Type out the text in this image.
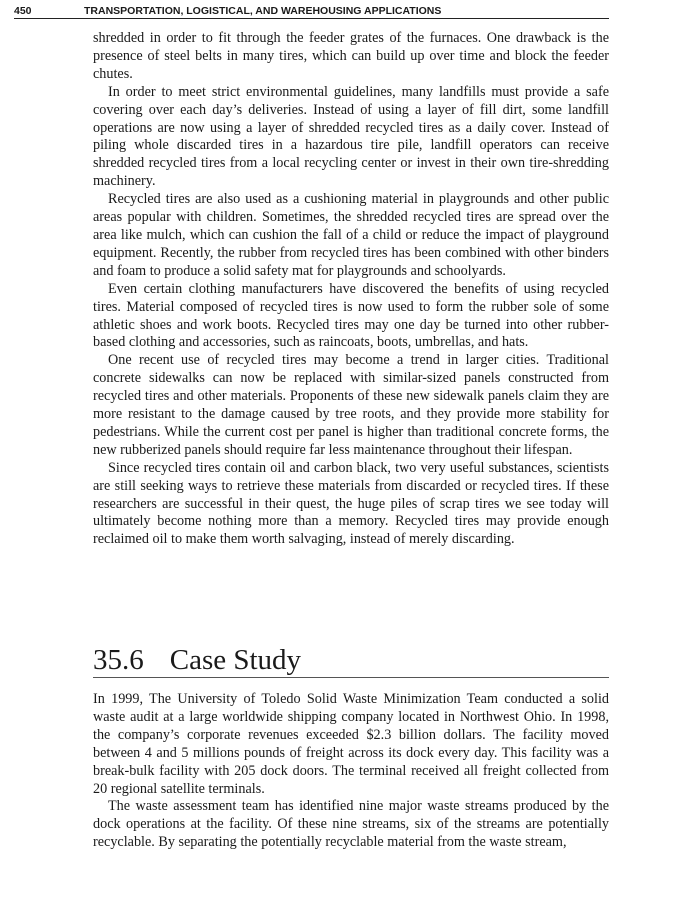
450	TRANSPORTATION, LOGISTICAL, AND WAREHOUSING APPLICATIONS

shredded in order to fit through the feeder grates of the furnaces. One drawback is the presence of steel belts in many tires, which can build up over time and block the feeder chutes.

In order to meet strict environmental guidelines, many landfills must provide a safe covering over each day’s deliveries. Instead of using a layer of fill dirt, some landfill operations are now using a layer of shredded recycled tires as a daily cover. Instead of piling whole discarded tires in a hazardous tire pile, landfill operators can receive shredded recycled tires from a local recycling center or invest in their own tire-shredding machinery.

Recycled tires are also used as a cushioning material in playgrounds and other public areas popular with children. Sometimes, the shredded recycled tires are spread over the area like mulch, which can cushion the fall of a child or reduce the impact of playground equipment. Recently, the rubber from recycled tires has been combined with other binders and foam to produce a solid safety mat for playgrounds and schoolyards.

Even certain clothing manufacturers have discovered the benefits of using recycled tires. Material composed of recycled tires is now used to form the rubber sole of some athletic shoes and work boots. Recycled tires may one day be turned into other rubber-based clothing and accessories, such as raincoats, boots, umbrellas, and hats.

One recent use of recycled tires may become a trend in larger cities. Traditional concrete sidewalks can now be replaced with similar-sized panels constructed from recycled tires and other materials. Proponents of these new sidewalk panels claim they are more resistant to the damage caused by tree roots, and they provide more stability for pedestrians. While the current cost per panel is higher than traditional concrete forms, the new rubberized panels should require far less maintenance throughout their lifespan.

Since recycled tires contain oil and carbon black, two very useful substances, scientists are still seeking ways to retrieve these materials from discarded or recycled tires. If these researchers are successful in their quest, the huge piles of scrap tires we see today will ultimately become nothing more than a memory. Recycled tires may provide enough reclaimed oil to make them worth salvaging, instead of merely discarding.

35.6 Case Study

In 1999, The University of Toledo Solid Waste Minimization Team conducted a solid waste audit at a large worldwide shipping company located in Northwest Ohio. In 1998, the company’s corporate revenues exceeded $2.3 billion dollars. The facility moved between 4 and 5 millions pounds of freight across its dock every day. This facility was a break-bulk facility with 205 dock doors. The terminal received all freight collected from 20 regional satellite terminals.

The waste assessment team has identified nine major waste streams produced by the dock operations at the facility. Of these nine streams, six of the streams are potentially recyclable. By separating the potentially recyclable material from the waste stream,
